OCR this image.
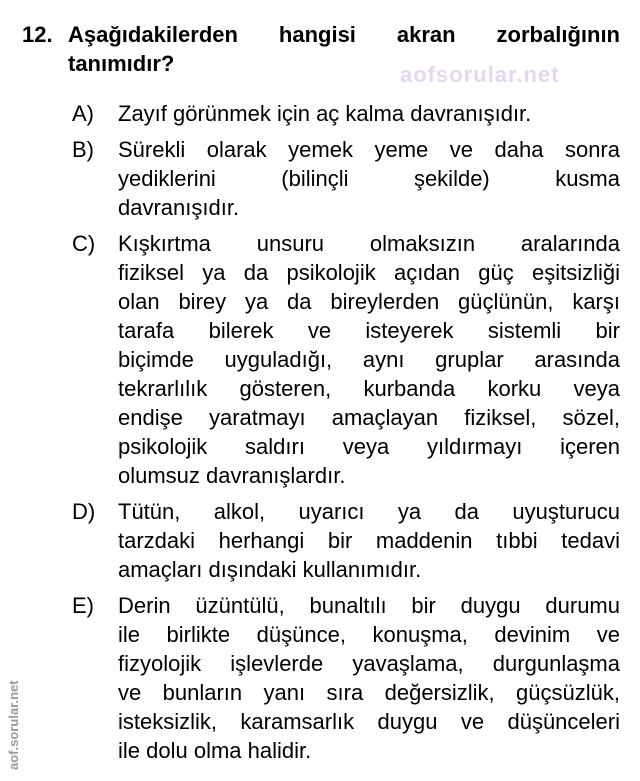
12. Aşağıdakilerden hangisi akran zorbalığının
tanımıdır?
A)	Zayıf görünmek için aç kalma davranışıdır.
B)	Sürekli olarak yemek yeme ve daha sonra
yediklerini (bilinçli şekilde) kusma
davranışıdır.
C)	Kışkırtma unsuru olmaksızın aralarında
fiziksel ya da psikolojik açıdan güç eşitsizliği
olan birey ya da bireylerden güçlünün, karşı
tarafa bilerek ve isteyerek sistemli bir
biçimde uyguladığı, aynı gruplar arasında
tekrarlılık gösteren, kurbanda korku veya
endişe yaratmayı amaçlayan fiziksel, sözel,
psikolojik saldırı veya yıldırmayı içeren
olumsuz davranışlardır.
D)	Tütün, alkol, uyarıcı ya da uyuşturucu
tarzdaki herhangi bir maddenin tıbbi tedavi
amaçları dışındaki kullanımıdır.
E)	Derin üzüntülü, bunaltılı bir duygu durumu
ile birlikte düşünce, konuşma, devinim ve
fizyolojik işlevlerde yavaşlama, durgunlaşma
ve bunların yanı sıra değersizlik, güçsüzlük,
isteksizlik, karamsarlık duygu ve düşünceleri
ile dolu olma halidir.
aofsorular.net
aof.sorular.net
